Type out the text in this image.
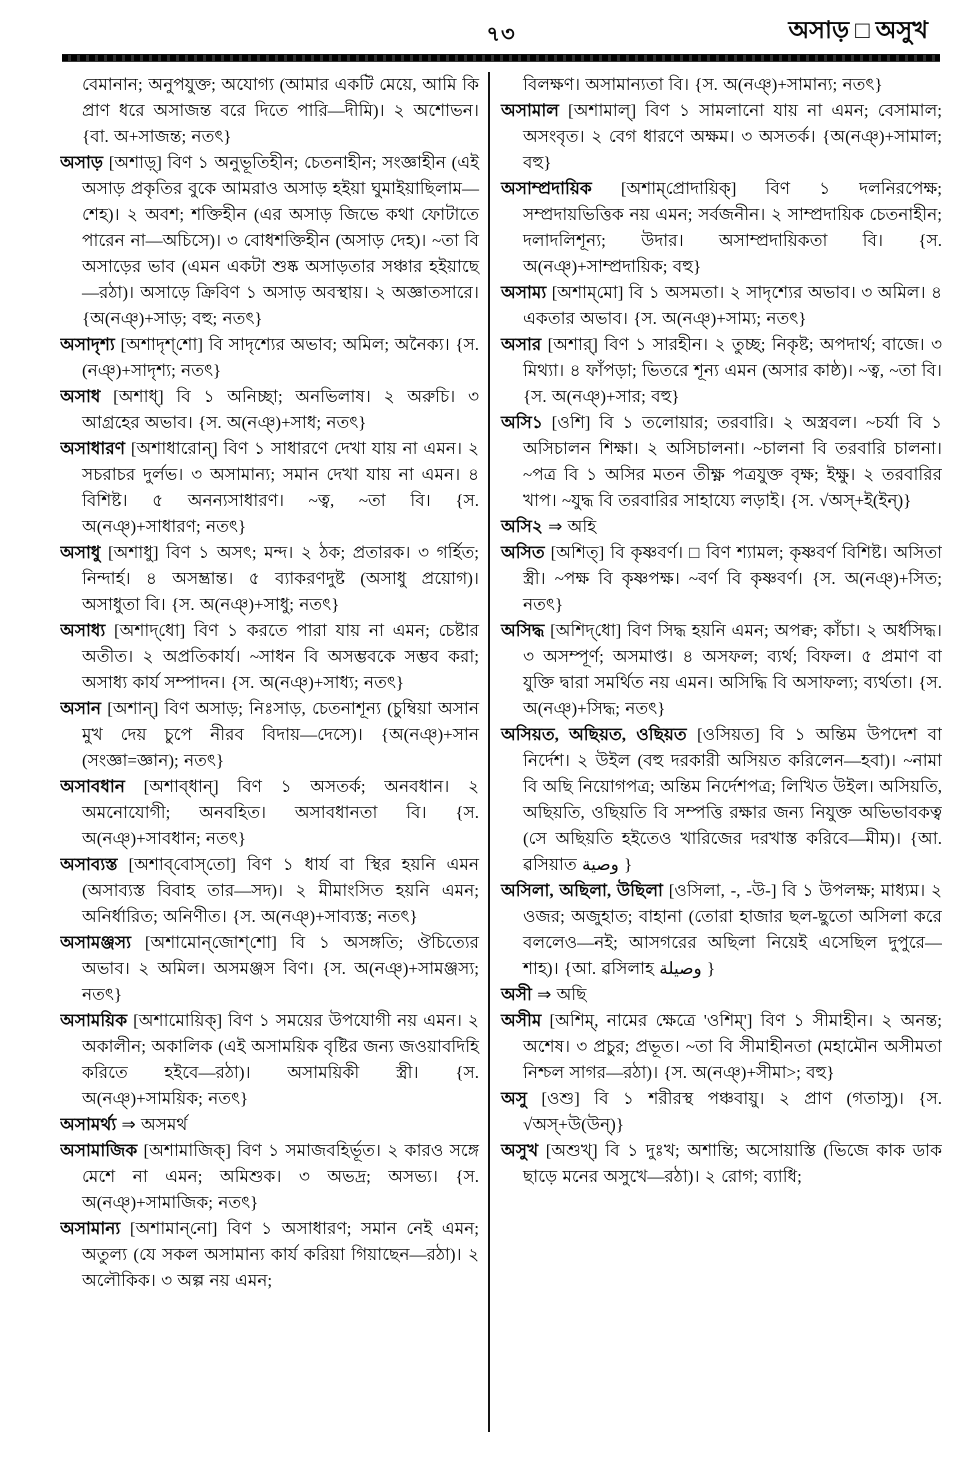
৭৩	অসাড় □ অসুখ

বেমানান; অনুপযুক্ত; অযোগ্য (আমার একটি মেয়ে, আমি কি প্রাণ ধরে অসাজন্ত বরে দিতে পারি—দীমি)। ২ অশোভন। {বা. অ+সাজন্ত; নতৎ}

অসাড় [অশাড়্] বিণ ১ অনুভূতিহীন; চেতনাহীন; সংজ্ঞাহীন (এই অসাড় প্রকৃতির বুকে আমরাও অসাড় হইয়া ঘুমাইয়াছিলাম—শেহ)। ২ অবশ; শক্তিহীন (এর অসাড় জিভে কথা ফোটাতে পারেন না—অচিসে)। ৩ বোধশক্তিহীন (অসাড় দেহ)। ~তা বি অসাড়ের ভাব (এমন একটা শুষ্ক অসাড়তার সঞ্চার হইয়াছে—রঠা)। অসাড়ে ক্রিবিণ ১ অসাড় অবস্থায়। ২ অজ্ঞাতসারে। {অ(নঞ্)+সাড়; বহু; নতৎ}

অসাদৃশ্য [অশাদৃশ্‌শো] বি সাদৃশ্যের অভাব; অমিল; অনৈক্য। {স. (নঞ্)+সাদৃশ্য; নতৎ}

অসাধ [অশাধ্] বি ১ অনিচ্ছা; অনভিলাষ। ২ অরুচি। ৩ আগ্রহের অভাব। {স. অ(নঞ্)+সাধ; নতৎ}

অসাধারণ [অশাধারোন্] বিণ ১ সাধারণে দেখা যায় না এমন। ২ সচরাচর দুর্লভ। ৩ অসামান্য; সমান দেখা যায় না এমন। ৪ বিশিষ্ট। ৫ অনন্যসাধারণ। ~ত্ব, ~তা বি। {স. অ(নঞ্)+সাধারণ; নতৎ}

অসাধু [অশাধু] বিণ ১ অসৎ; মন্দ। ২ ঠক; প্রতারক। ৩ গর্হিত; নিন্দার্হ। ৪ অসম্ভ্রান্ত। ৫ ব্যাকরণদুষ্ট (অসাধু প্রয়োগ)। অসাধুতা বি। {স. অ(নঞ্)+সাধু; নতৎ}

অসাধ্য [অশাদ্‌ধো] বিণ ১ করতে পারা যায় না এমন; চেষ্টার অতীত। ২ অপ্রতিকার্য। ~সাধন বি অসম্ভবকে সম্ভব করা; অসাধ্য কার্য সম্পাদন। {স. অ(নঞ্)+সাধ্য; নতৎ}

অসান [অশান্] বিণ অসাড়; নিঃসাড়, চেতনাশূন্য (চুম্বিয়া অসান মুখ দেয় চুপে নীরব বিদায়—দেসে)। {অ(নঞ্)+সান (সংজ্ঞা=জ্ঞান); নতৎ}

অসাবধান [অশাব্‌ধান্] বিণ ১ অসতর্ক; অনবধান। ২ অমনোযোগী; অনবহিত। অসাবধানতা বি। {স. অ(নঞ্)+সাবধান; নতৎ}

অসাব্যস্ত [অশাব্‌বোস্‌তো] বিণ ১ ধার্য বা স্থির হয়নি এমন (অসাব্যস্ত বিবাহ তার—সদ)। ২ মীমাংসিত হয়নি এমন; অনির্ধারিত; অনিণীত। {স. অ(নঞ্)+সাব্যস্ত; নতৎ}

অসামঞ্জস্য [অশামোন্‌জোশ্‌শো] বি ১ অসঙ্গতি; ঔচিত্যের অভাব। ২ অমিল। অসমঞ্জস বিণ। {স. অ(নঞ্)+সামঞ্জস্য; নতৎ}

অসাময়িক [অশামোয়িক্] বিণ ১ সময়ের উপযোগী নয় এমন। ২ অকালীন; অকালিক (এই অসাময়িক বৃষ্টির জন্য জওয়াবদিহি করিতে হইবে—রঠা)। অসাময়িকী স্ত্রী। {স. অ(নঞ্)+সাময়িক; নতৎ}

অসামর্থ্য ⇒ অসমর্থ

অসামাজিক [অশামাজিক্] বিণ ১ সমাজবহির্ভূত। ২ কারও সঙ্গে মেশে না এমন; অমিশুক। ৩ অভদ্র; অসভ্য। {স. অ(নঞ্)+সামাজিক; নতৎ}

অসামান্য [অশামান্‌নো] বিণ ১ অসাধারণ; সমান নেই এমন; অতুল্য (যে সকল অসামান্য কার্য করিয়া গিয়াছেন—রঠা)। ২ অলৌকিক। ৩ অল্প নয় এমন;

বিলক্ষণ। অসামান্যতা বি। {স. অ(নঞ্)+সামান্য; নতৎ}

অসামাল [অশামাল্] বিণ ১ সামলানো যায় না এমন; বেসামাল; অসংবৃত। ২ বেগ ধারণে অক্ষম। ৩ অসতর্ক। {অ(নঞ্)+সামাল; বহু}

অসাম্প্রদায়িক [অশাম্‌প্রোদায়িক্] বিণ ১ দলনিরপেক্ষ; সম্প্রদায়ভিত্তিক নয় এমন; সর্বজনীন। ২ সাম্প্রদায়িক চেতনাহীন; দলাদলিশূন্য; উদার। অসাম্প্রদায়িকতা বি। {স. অ(নঞ্)+সাম্প্রদায়িক; বহু}

অসাম্য [অশাম্‌মো] বি ১ অসমতা। ২ সাদৃশ্যের অভাব। ৩ অমিল। ৪ একতার অভাব। {স. অ(নঞ্)+সাম্য; নতৎ}

অসার [অশার্] বিণ ১ সারহীন। ২ তুচ্ছ; নিকৃষ্ট; অপদার্থ; বাজে। ৩ মিথ্যা। ৪ ফাঁপড়া; ভিতরে শূন্য এমন (অসার কাষ্ঠ)। ~ত্ব, ~তা বি। {স. অ(নঞ্)+সার; বহু}

অসি১ [ওশি] বি ১ তলোয়ার; তরবারি। ২ অস্ত্রবল। ~চর্যা বি ১ অসিচালন শিক্ষা। ২ অসিচালনা। ~চালনা বি তরবারি চালনা। ~পত্র বি ১ অসির মতন তীক্ষ্ণ পত্রযুক্ত বৃক্ষ; ইক্ষু। ২ তরবারির খাপ। ~যুদ্ধ বি তরবারির সাহায্যে লড়াই। {স. √অস্+ই(ইন্)}

অসি২ ⇒ অহি

অসিত [অশিত্] বি কৃষ্ণবর্ণ। □ বিণ শ্যামল; কৃষ্ণবর্ণ বিশিষ্ট। অসিতা স্ত্রী। ~পক্ষ বি কৃষ্ণপক্ষ। ~বর্ণ বি কৃষ্ণবর্ণ। {স. অ(নঞ্)+সিত; নতৎ}

অসিদ্ধ [অশিদ্‌ধো] বিণ সিদ্ধ হয়নি এমন; অপক্ব; কাঁচা। ২ অর্ধসিদ্ধ। ৩ অসম্পূর্ণ; অসমাপ্ত। ৪ অসফল; ব্যর্থ; বিফল। ৫ প্রমাণ বা যুক্তি দ্বারা সমর্থিত নয় এমন। অসিদ্ধি বি অসাফল্য; ব্যর্থতা। {স. অ(নঞ্)+সিদ্ধ; নতৎ}

অসিয়ত, অছিয়ত, ওছিয়ত [ওসিয়ত] বি ১ অন্তিম উপদেশ বা নির্দেশ। ২ উইল (বহু দরকারী অসিয়ত করিলেন—হবা)। ~নামা বি অছি নিয়োগপত্র; অন্তিম নির্দেশপত্র; লিখিত উইল। অসিয়তি, অছিয়তি, ওছিয়তি বি সম্পত্তি রক্ষার জন্য নিযুক্ত অভিভাবকত্ব (সে অছিয়তি হইতেও খারিজের দরখাস্ত করিবে—মীম)। {আ. ৱসিয়াত وصية }

অসিলা, অছিলা, উছিলা [ওসিলা, -, -উ-] বি ১ উপলক্ষ; মাধ্যম। ২ ওজর; অজুহাত; বাহানা (তোরা হাজার ছল-ছুতো অসিলা করে বললেও—নই; আসগরের অছিলা নিয়েই এসেছিল দুপুরে—শাহ)। {আ. ৱসিলাহ وصيلة }

অসী ⇒ অছি

অসীম [অশিম্, নামের ক্ষেত্রে 'ওশিম্'] বিণ ১ সীমাহীন। ২ অনন্ত; অশেষ। ৩ প্রচুর; প্রভূত। ~তা বি সীমাহীনতা (মহামৌন অসীমতা নিশ্চল সাগর—রঠা)। {স. অ(নঞ্)+সীমা>; বহু}

অসু [ওশু] বি ১ শরীরস্থ পঞ্চবায়ু। ২ প্রাণ (গতাসু)। {স. √অস্+উ(উন্)}

অসুখ [অশুখ্] বি ১ দুঃখ; অশান্তি; অসোয়াস্তি (ভিজে কাক ডাক ছাড়ে মনের অসুখে—রঠা)। ২ রোগ; ব্যাধি;
